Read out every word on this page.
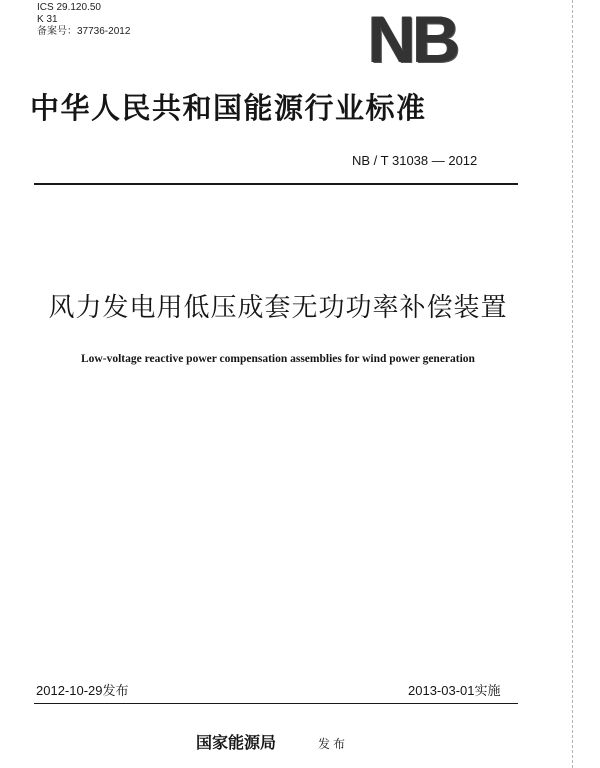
ICS 29.120.50
K 31
备案号：37736-2012	NB
中华人民共和国能源行业标准
NB / T 31038 — 2012
风力发电用低压成套无功功率补偿装置
Low-voltage reactive power compensation assemblies for wind power generation
2012-10-29发布	2013-03-01实施
国家能源局	发布
